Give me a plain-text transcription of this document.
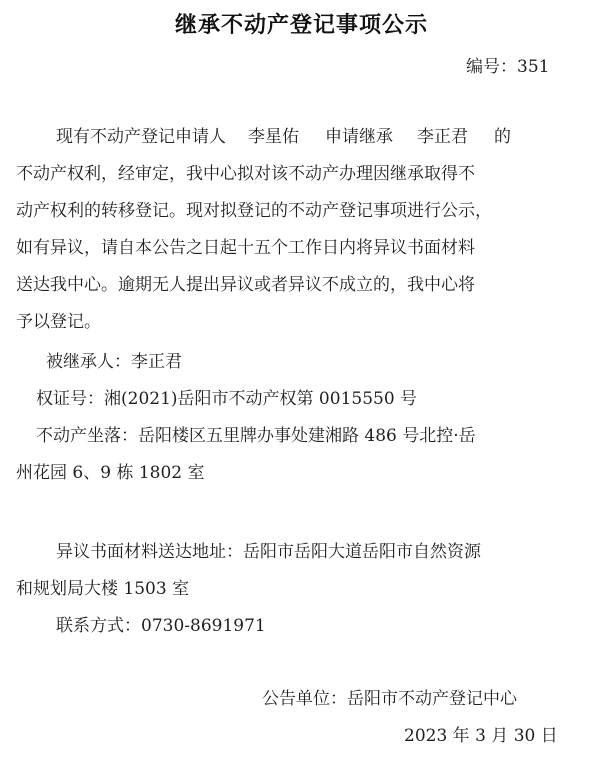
继承不动产登记事项公示
编号：351
现有不动产登记申请人 李星佑 申请继承 李正君 的
不动产权利，经审定，我中心拟对该不动产办理因继承取得不
动产权利的转移登记。现对拟登记的不动产登记事项进行公示，
如有异议，请自本公告之日起十五个工作日内将异议书面材料
送达我中心。逾期无人提出异议或者异议不成立的，我中心将
予以登记。
被继承人：李正君
权证号：湘(2021)岳阳市不动产权第 0015550 号
不动产坐落：岳阳楼区五里牌办事处建湘路 486 号北控·岳
州花园 6、9 栋 1802 室
异议书面材料送达地址：岳阳市岳阳大道岳阳市自然资源
和规划局大楼 1503 室
联系方式：0730-8691971
公告单位：岳阳市不动产登记中心
2023 年 3 月 30 日
